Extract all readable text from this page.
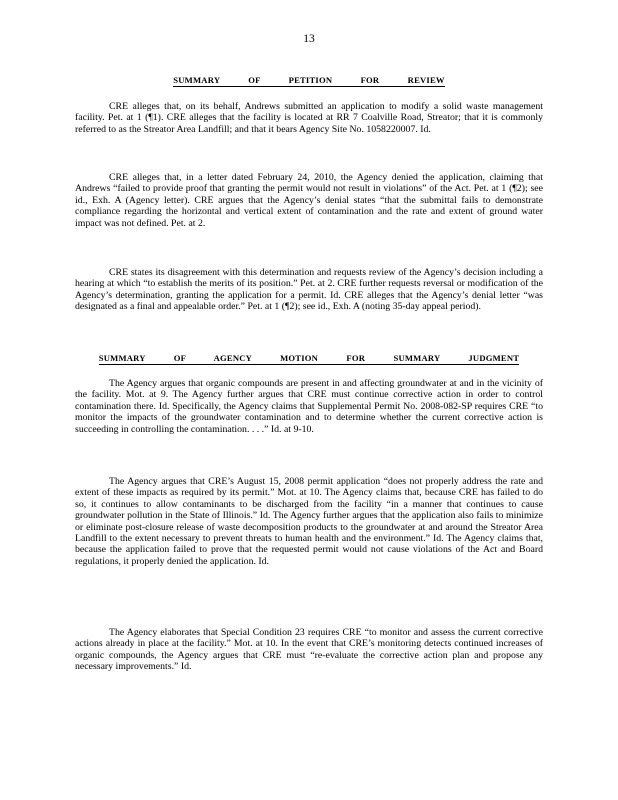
13
SUMMARY OF PETITION FOR REVIEW

CRE alleges that, on its behalf, Andrews submitted an application to modify a solid waste management facility. Pet. at 1 (¶1). CRE alleges that the facility is located at RR 7 Coalville Road, Streator; that it is commonly referred to as the Streator Area Landfill; and that it bears Agency Site No. 1058220007. Id.

CRE alleges that, in a letter dated February 24, 2010, the Agency denied the application, claiming that Andrews “failed to provide proof that granting the permit would not result in violations” of the Act. Pet. at 1 (¶2); see id., Exh. A (Agency letter). CRE argues that the Agency’s denial states “that the submittal fails to demonstrate compliance regarding the horizontal and vertical extent of contamination and the rate and extent of ground water impact was not defined. Pet. at 2.

CRE states its disagreement with this determination and requests review of the Agency’s decision including a hearing at which “to establish the merits of its position.” Pet. at 2. CRE further requests reversal or modification of the Agency’s determination, granting the application for a permit. Id. CRE alleges that the Agency’s denial letter “was designated as a final and appealable order.” Pet. at 1 (¶2); see id., Exh. A (noting 35-day appeal period).

SUMMARY OF AGENCY MOTION FOR SUMMARY JUDGMENT

The Agency argues that organic compounds are present in and affecting groundwater at and in the vicinity of the facility. Mot. at 9. The Agency further argues that CRE must continue corrective action in order to control contamination there. Id. Specifically, the Agency claims that Supplemental Permit No. 2008-082-SP requires CRE “to monitor the impacts of the groundwater contamination and to determine whether the current corrective action is succeeding in controlling the contamination. . . .” Id. at 9-10.

The Agency argues that CRE’s August 15, 2008 permit application “does not properly address the rate and extent of these impacts as required by its permit.” Mot. at 10. The Agency claims that, because CRE has failed to do so, it continues to allow contaminants to be discharged from the facility “in a manner that continues to cause groundwater pollution in the State of Illinois.” Id. The Agency further argues that the application also fails to minimize or eliminate post-closure release of waste decomposition products to the groundwater at and around the Streator Area Landfill to the extent necessary to prevent threats to human health and the environment.” Id. The Agency claims that, because the application failed to prove that the requested permit would not cause violations of the Act and Board regulations, it properly denied the application. Id.

The Agency elaborates that Special Condition 23 requires CRE “to monitor and assess the current corrective actions already in place at the facility.” Mot. at 10. In the event that CRE’s monitoring detects continued increases of organic compounds, the Agency argues that CRE must “re-evaluate the corrective action plan and propose any necessary improvements.” Id.
